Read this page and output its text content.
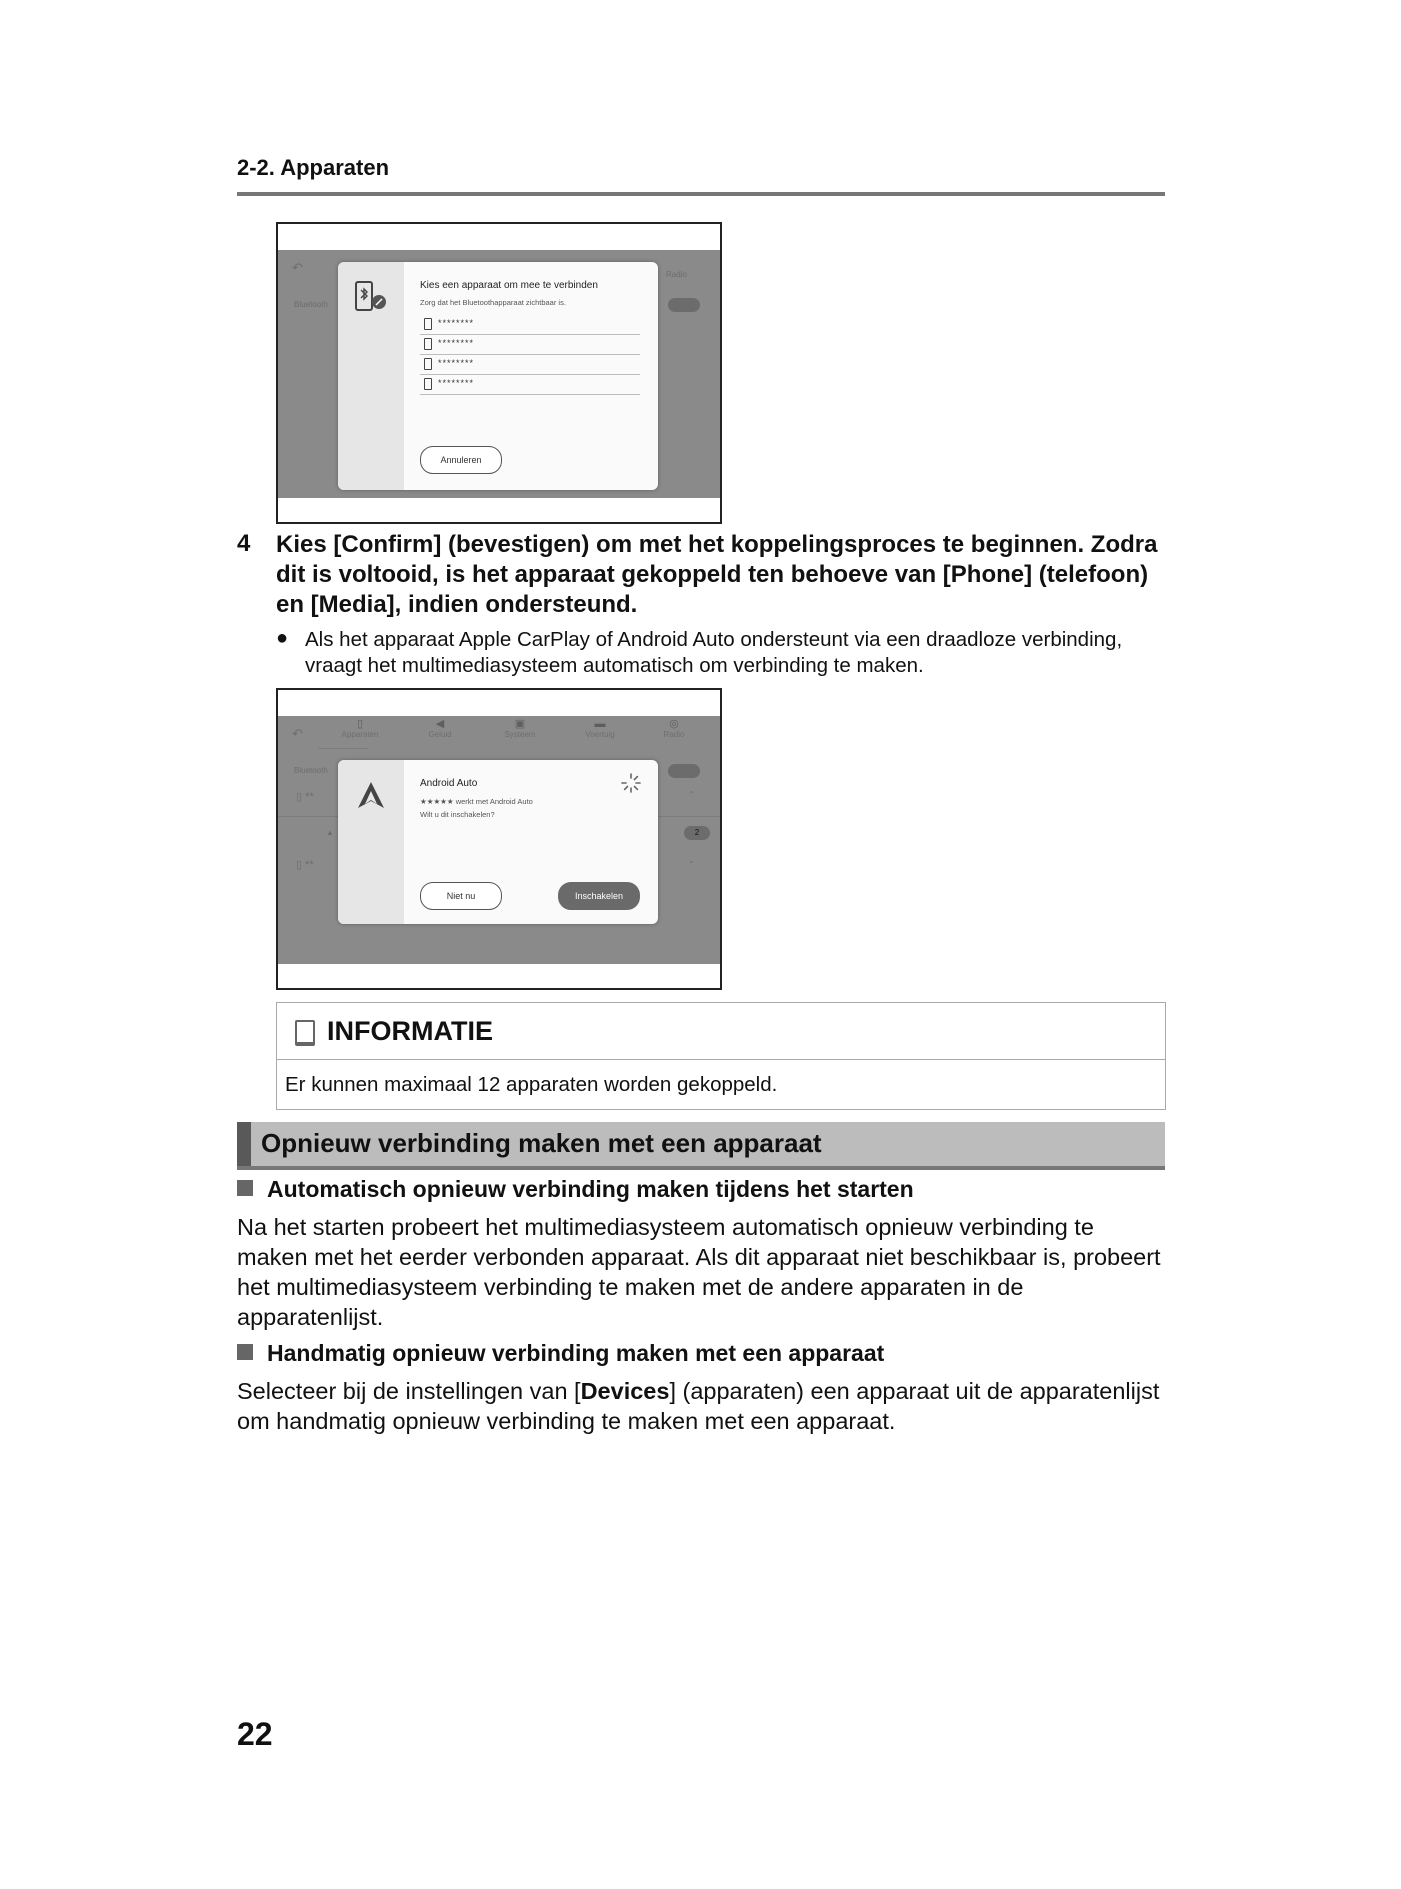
2-2. Apparaten
↶
Bluetooth
Radio
Kies een apparaat om mee te verbinden
Zorg dat het Bluetoothapparaat zichtbaar is.
********
********
********
********
Annuleren
4 Kies [Confirm] (bevestigen) om met het koppelingsproces te beginnen. Zodra dit is voltooid, is het apparaat gekoppeld ten behoeve van [Phone] (telefoon) en [Media], indien ondersteund.
● Als het apparaat Apple CarPlay of Android Auto ondersteunt via een draadloze verbinding, vraagt het multimediasysteem automatisch om verbinding te maken.
↶
▯
Apparaten
◀
Geluid
▣
Systeem
▬
Voertuig
◎
Radio
Bluetooth
▯ **	⌃
▲	2
▯ **	⌄
Android Auto
★★★★★ werkt met Android Auto
Wilt u dit inschakelen?
Niet nu	Inschakelen
INFORMATIE
Er kunnen maximaal 12 apparaten worden gekoppeld.
Opnieuw verbinding maken met een apparaat
Automatisch opnieuw verbinding maken tijdens het starten
Na het starten probeert het multimediasysteem automatisch opnieuw verbinding te maken met het eerder verbonden apparaat. Als dit apparaat niet beschikbaar is, probeert het multimediasysteem verbinding te maken met de andere apparaten in de apparatenlijst.
Handmatig opnieuw verbinding maken met een apparaat
Selecteer bij de instellingen van [Devices] (apparaten) een apparaat uit de apparatenlijst om handmatig opnieuw verbinding te maken met een apparaat.
22
